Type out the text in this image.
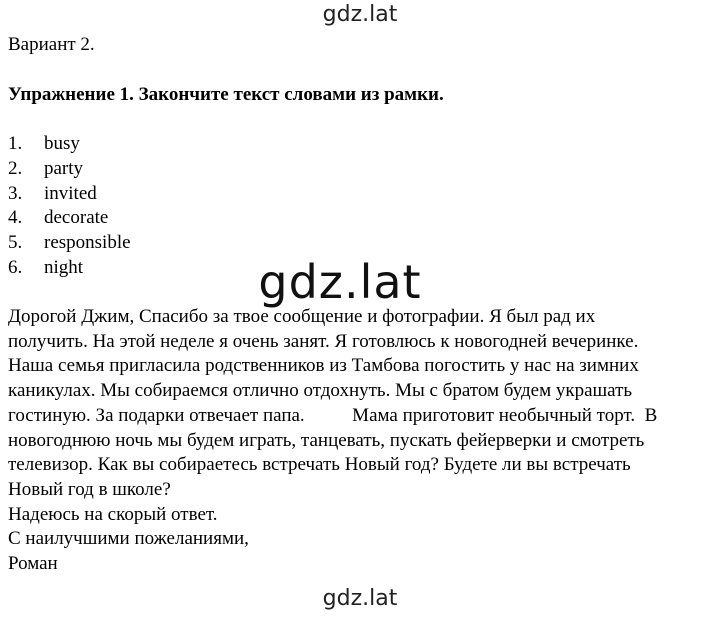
gdz.lat
Вариант 2.
Упражнение 1. Закончите текст словами из рамки.
1. busy
2. party
3. invited
4. decorate
5. responsible
6. night	gdz.lat
Дорогой Джим, Спасибо за твое сообщение и фотографии. Я был рад их
получить. На этой неделе я очень занят. Я готовлюсь к новогодней вечеринке.
Наша семья пригласила родственников из Тамбова погостить у нас на зимних
каникулах. Мы собираемся отлично отдохнуть. Мы с братом будем украшать
гостиную. За подарки отвечает папа.          Мама приготовит необычный торт.  В
новогоднюю ночь мы будем играть, танцевать, пускать фейерверки и смотреть
телевизор. Как вы собираетесь встречать Новый год? Будете ли вы встречать
Новый год в школе?
Надеюсь на скорый ответ.
С наилучшими пожеланиями,
Роман
gdz.lat
